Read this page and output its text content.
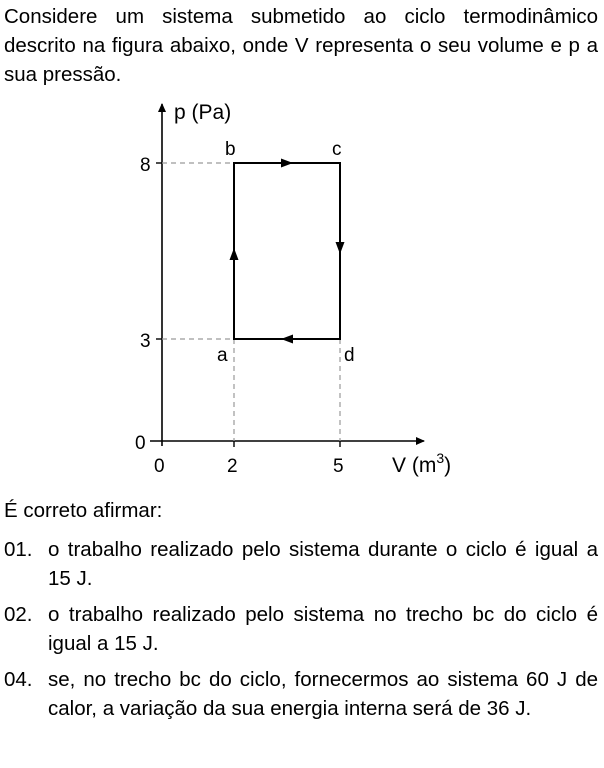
Considere um sistema submetido ao ciclo termodinâmico descrito na figura abaixo, onde V representa o seu volume e p a sua pressão.

p (Pa)
V $(m^3)$
8
3
0
0	2	5
b	c
a	d

É correto afirmar:

01. o trabalho realizado pelo sistema durante o ciclo é igual a 15 J.
02. o trabalho realizado pelo sistema no trecho bc do ciclo é igual a 15 J.
04. se, no trecho bc do ciclo, fornecermos ao sistema 60 J de calor, a variação da sua energia interna será de 36 J.
